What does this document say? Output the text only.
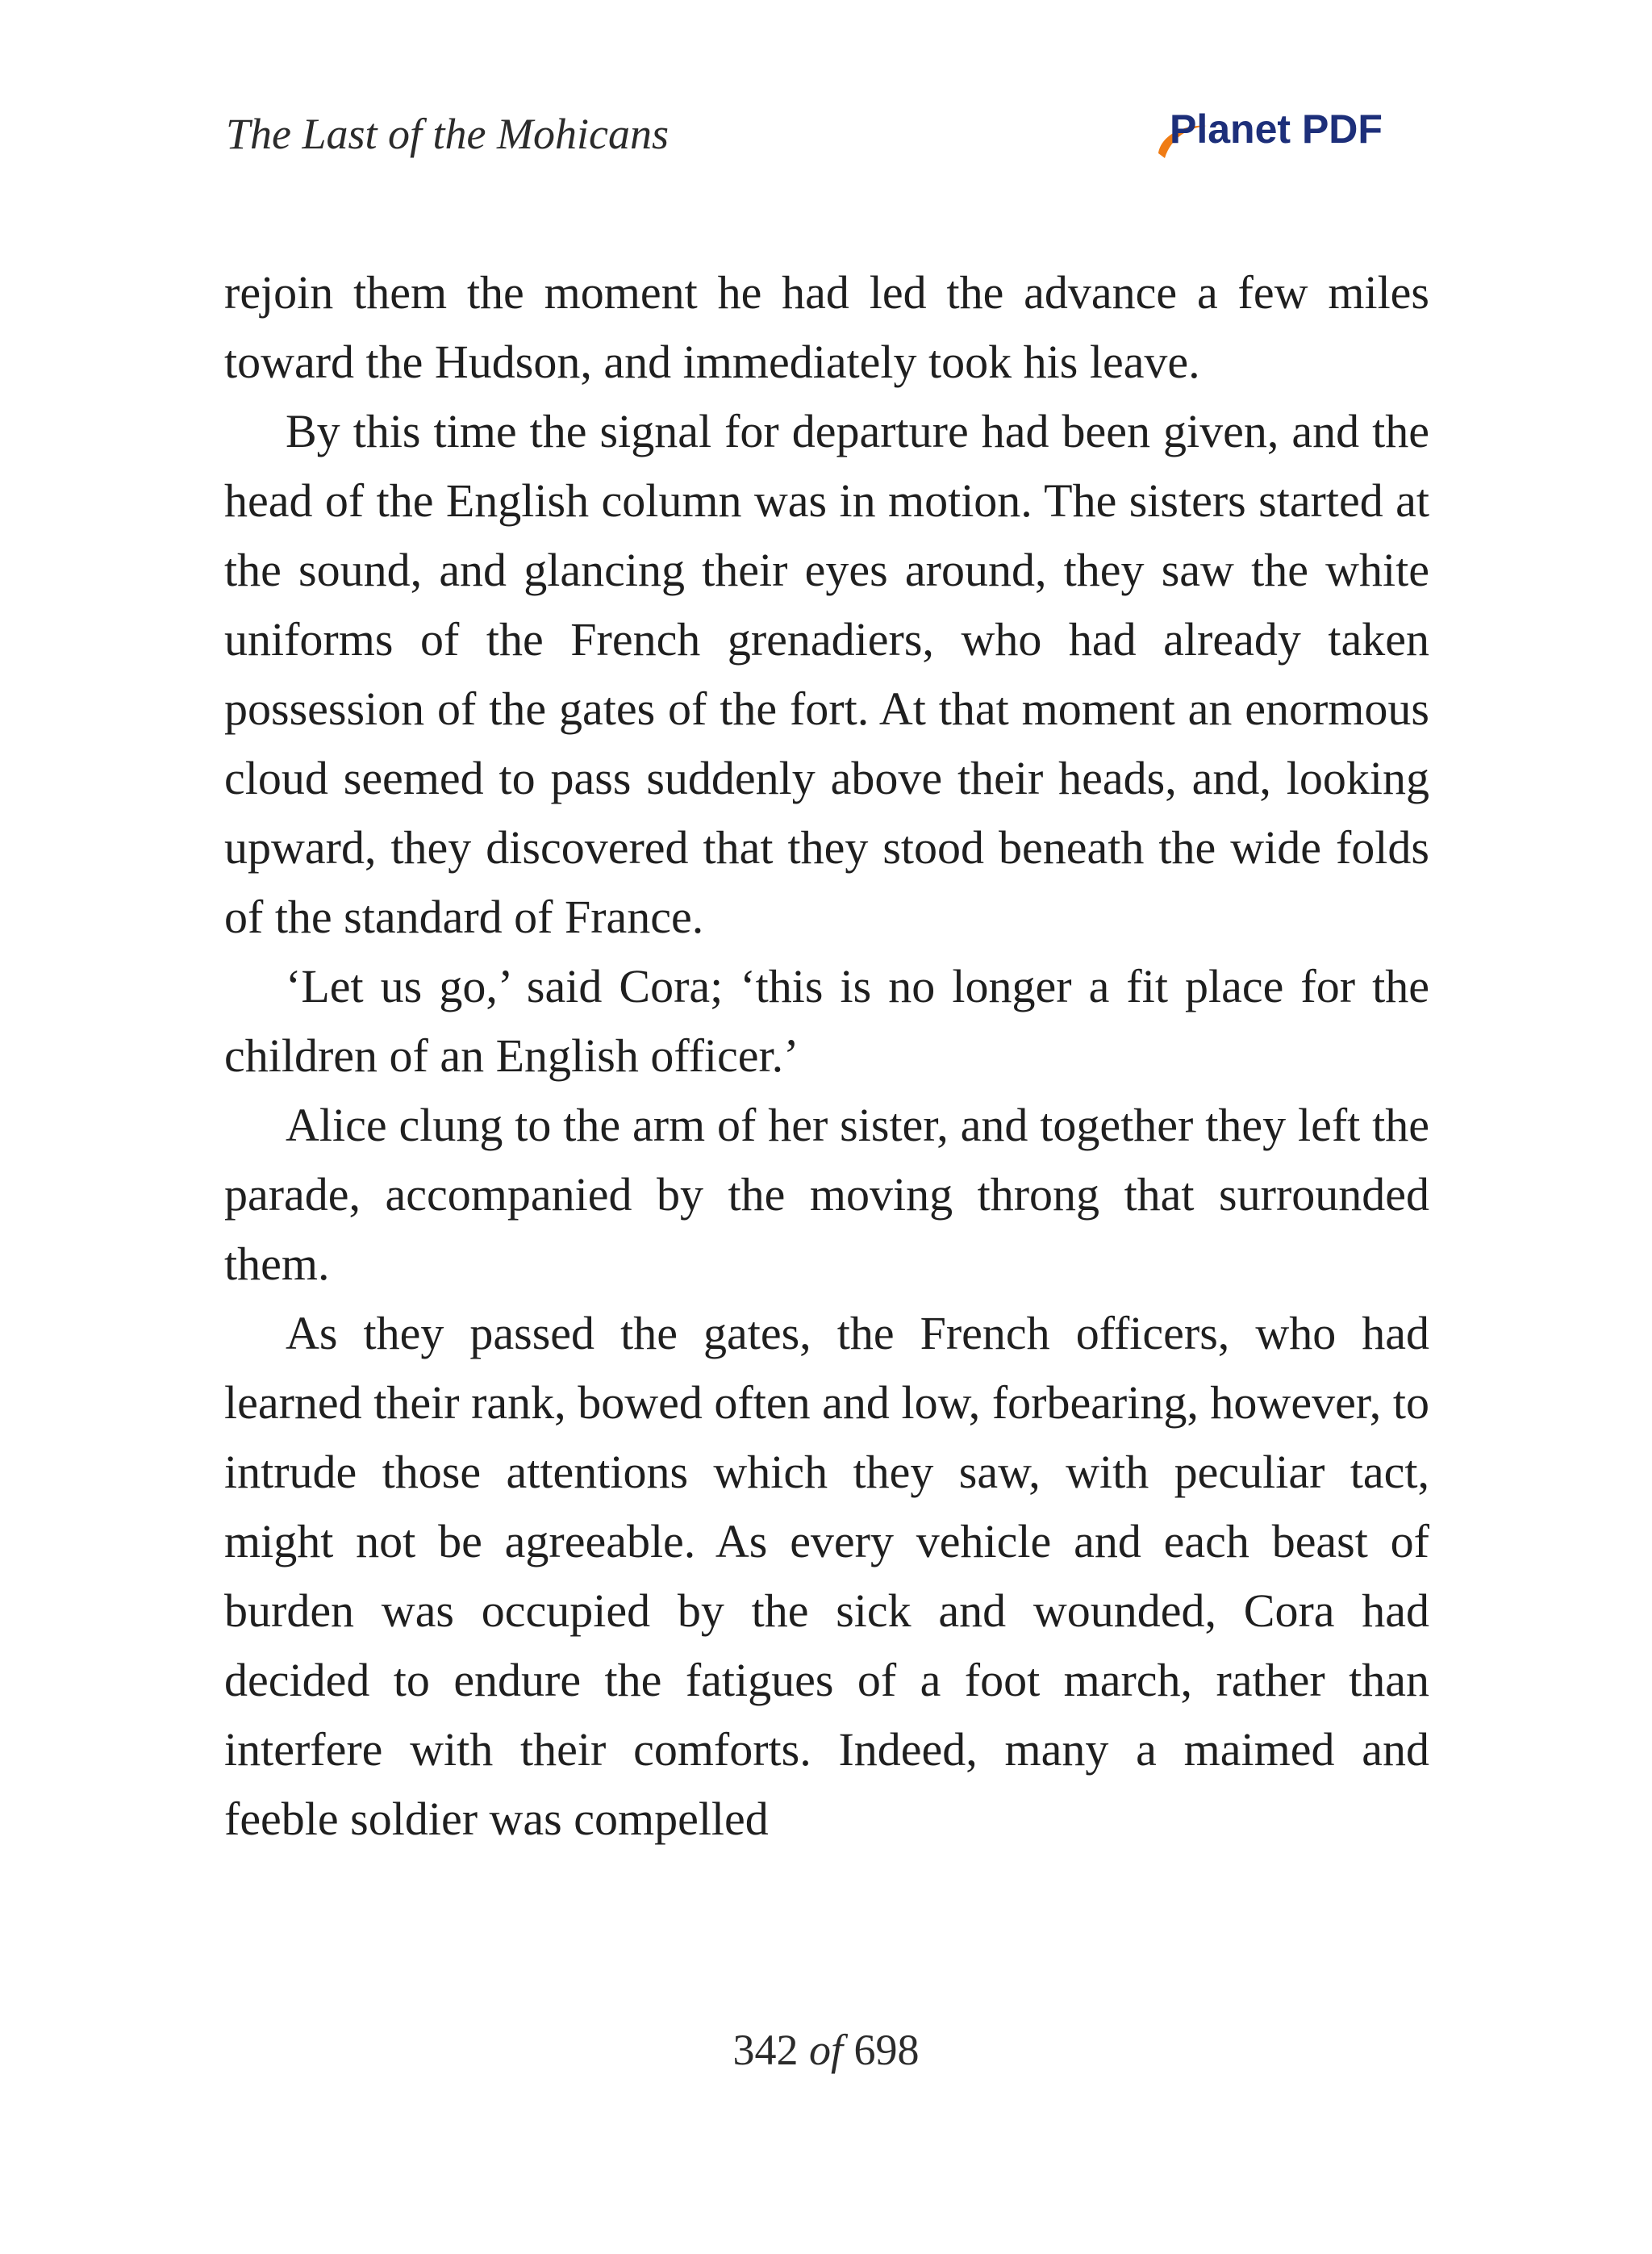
The Last of the Mohicans	Planet PDF

rejoin them the moment he had led the advance a few miles toward the Hudson, and immediately took his leave.

By this time the signal for departure had been given, and the head of the English column was in motion. The sisters started at the sound, and glancing their eyes around, they saw the white uniforms of the French grenadiers, who had already taken possession of the gates of the fort. At that moment an enormous cloud seemed to pass suddenly above their heads, and, looking upward, they discovered that they stood beneath the wide folds of the standard of France.

‘Let us go,’ said Cora; ‘this is no longer a fit place for the children of an English officer.’

Alice clung to the arm of her sister, and together they left the parade, accompanied by the moving throng that surrounded them.

As they passed the gates, the French officers, who had learned their rank, bowed often and low, forbearing, however, to intrude those attentions which they saw, with peculiar tact, might not be agreeable. As every vehicle and each beast of burden was occupied by the sick and wounded, Cora had decided to endure the fatigues of a foot march, rather than interfere with their comforts. Indeed, many a maimed and feeble soldier was compelled

342 of 698
